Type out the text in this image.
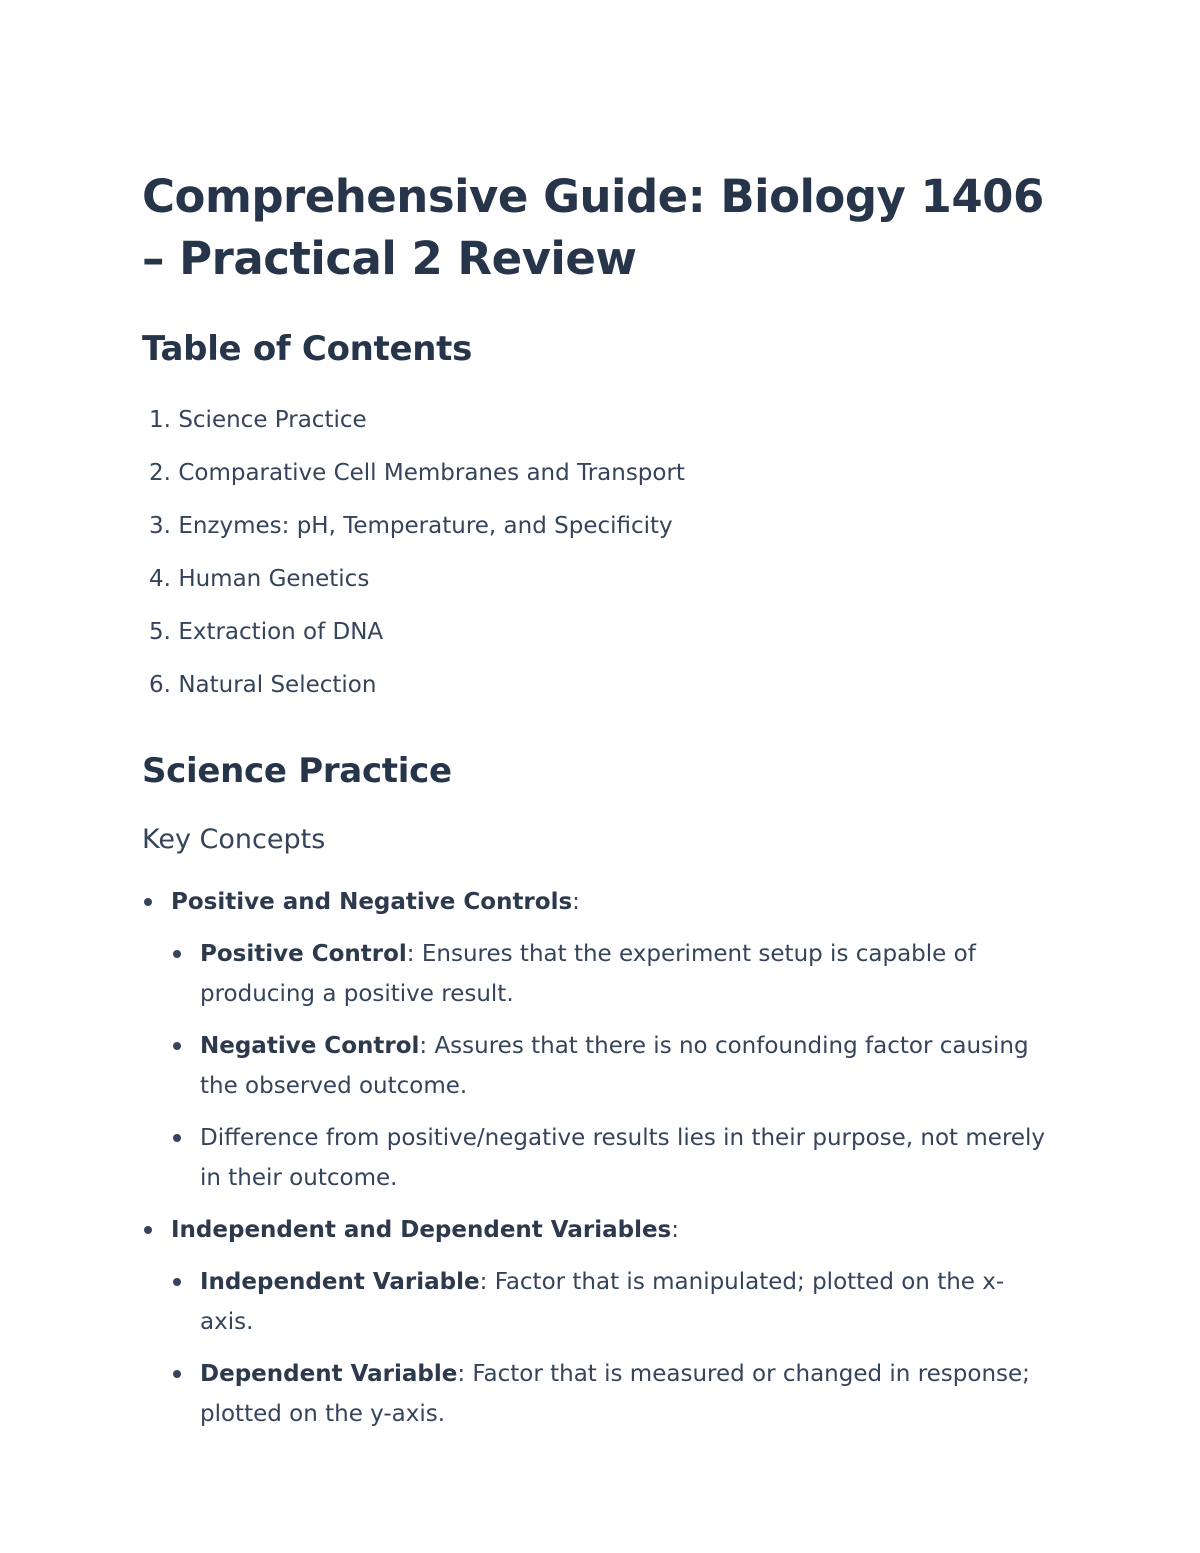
Comprehensive Guide: Biology 1406 – Practical 2 Review
Table of Contents
1.
Science Practice
2.
Comparative Cell Membranes and Transport
3.
Enzymes: pH, Temperature, and Specificity
4.
Human Genetics
5.
Extraction of DNA
6.
Natural Selection
Science Practice
Key Concepts
Positive and Negative Controls:
Positive Control: Ensures that the experiment setup is capable of producing a positive result.
Negative Control: Assures that there is no confounding factor causing the observed outcome.
Difference from positive/negative results lies in their purpose, not merely in their outcome.
Independent and Dependent Variables:
Independent Variable: Factor that is manipulated; plotted on the x-axis.
Dependent Variable: Factor that is measured or changed in response; plotted on the y-axis.
